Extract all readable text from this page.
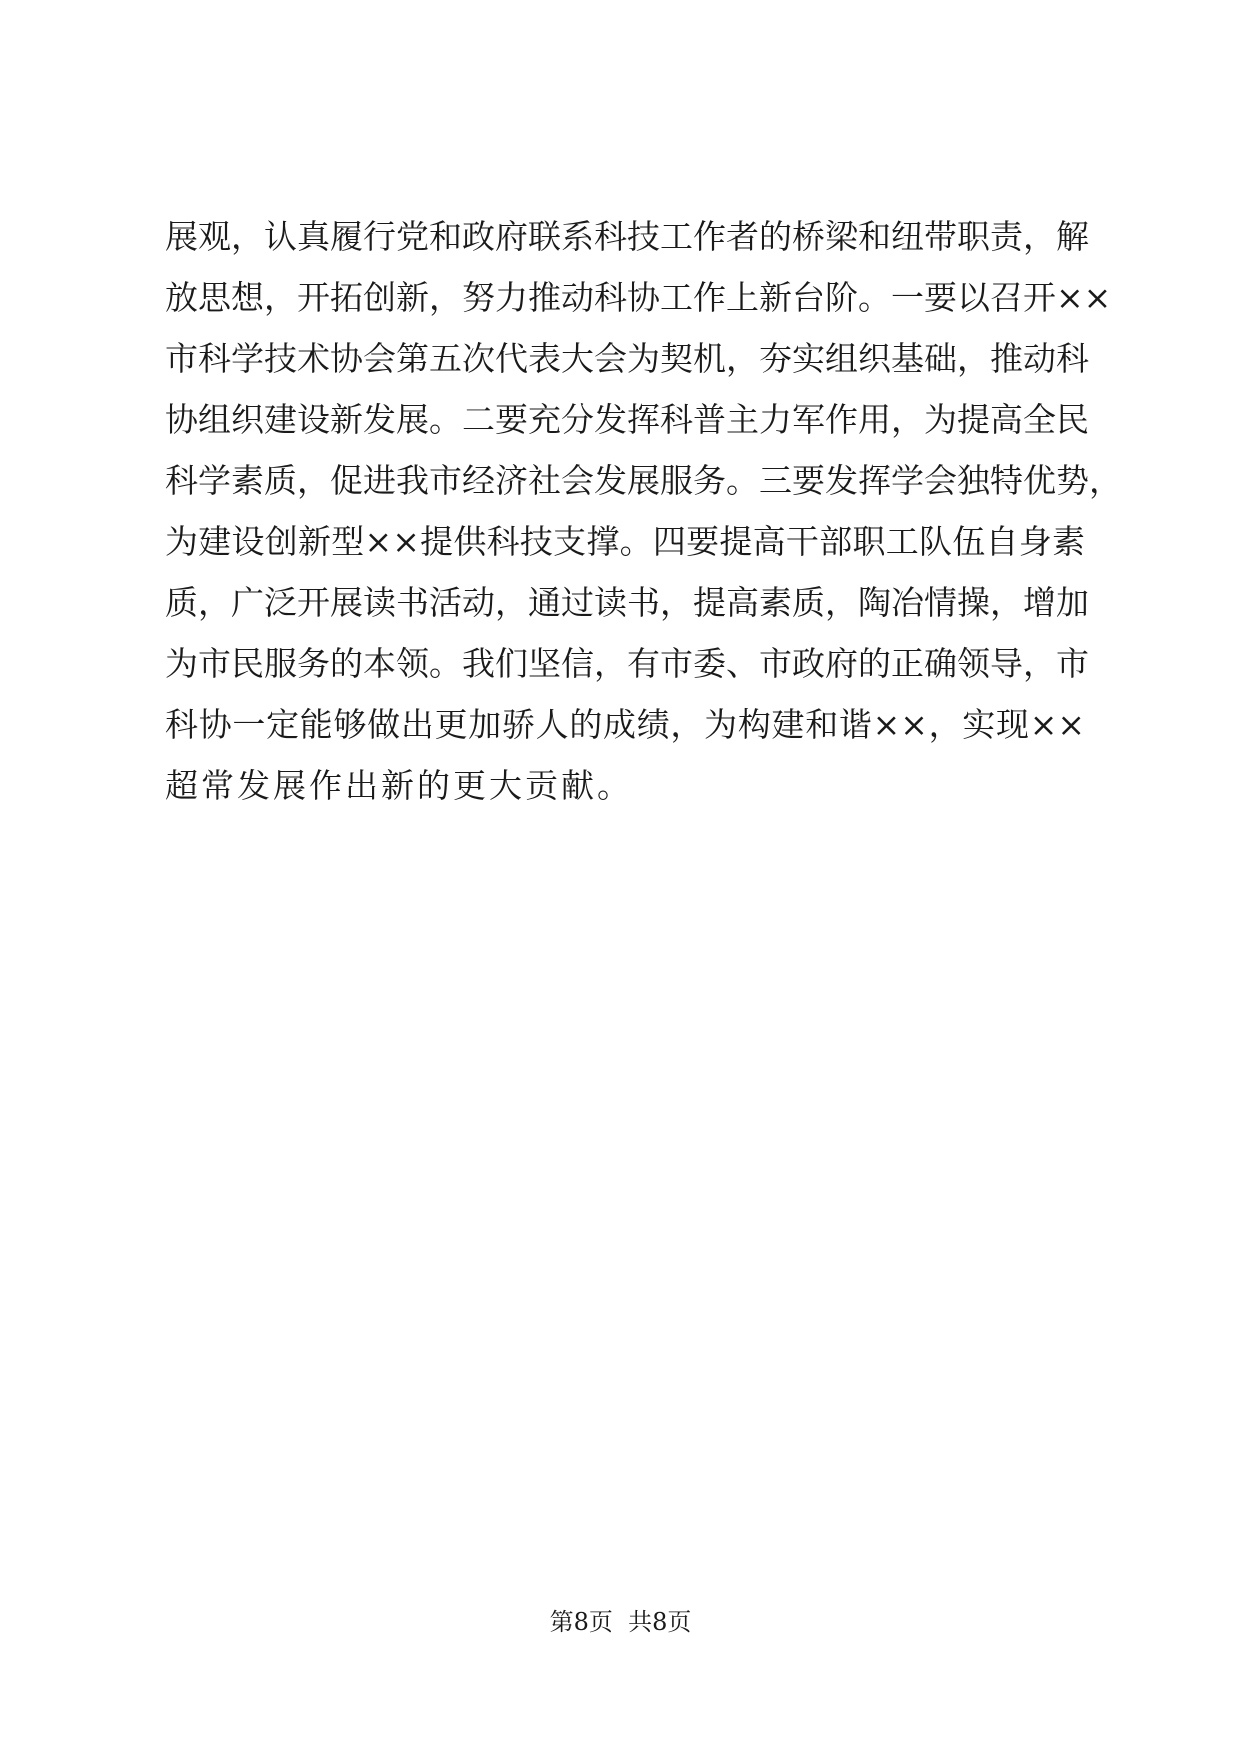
展观，认真履行党和政府联系科技工作者的桥梁和纽带职责，解
放思想，开拓创新，努力推动科协工作上新台阶。一要以召开××
市科学技术协会第五次代表大会为契机，夯实组织基础，推动科
协组织建设新发展。二要充分发挥科普主力军作用，为提高全民
科学素质，促进我市经济社会发展服务。三要发挥学会独特优势，
为建设创新型××提供科技支撑。四要提高干部职工队伍自身素
质，广泛开展读书活动，通过读书，提高素质，陶冶情操，增加
为市民服务的本领。我们坚信，有市委、市政府的正确领导，市
科协一定能够做出更加骄人的成绩，为构建和谐××，实现××
超常发展作出新的更大贡献。
第8页  共8页
